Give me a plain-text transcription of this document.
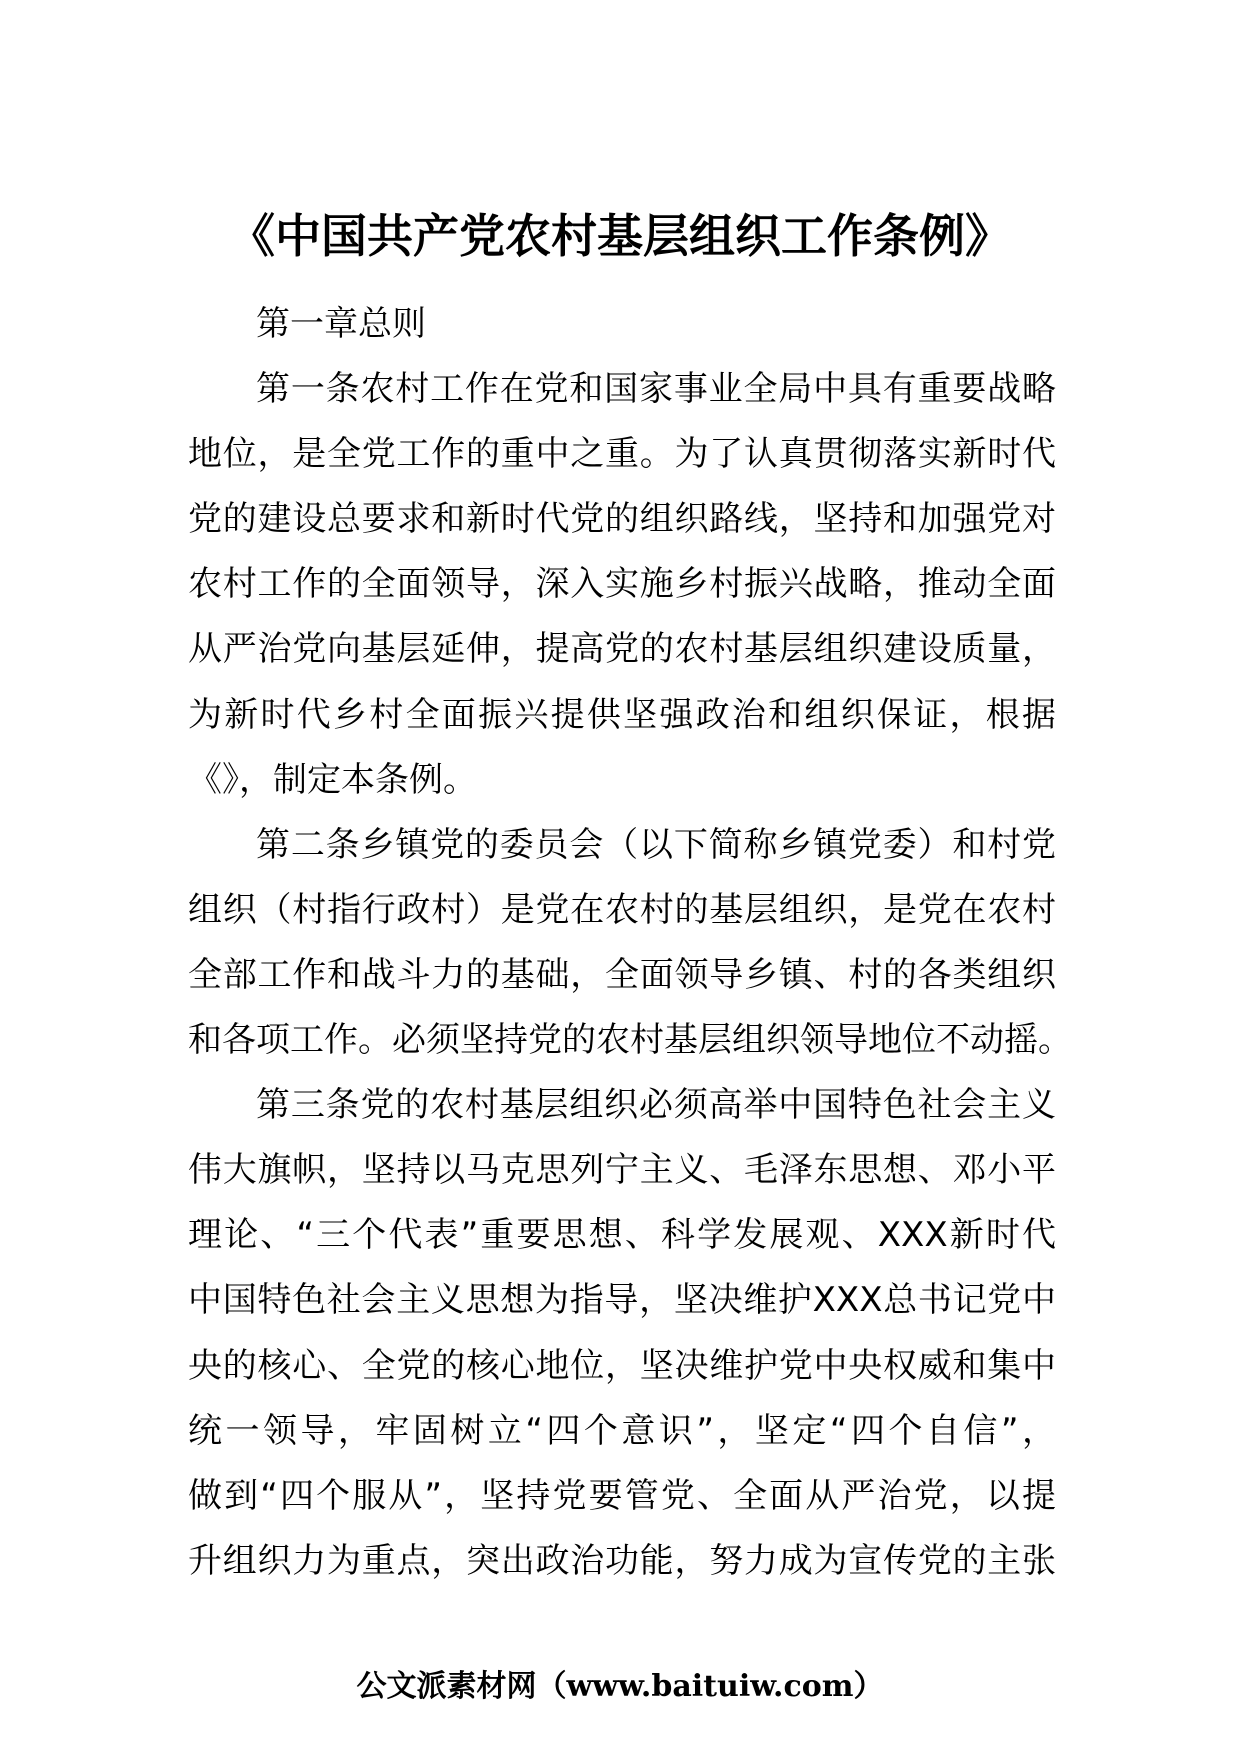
《中国共产党农村基层组织工作条例》

第一章总则

第一条农村工作在党和国家事业全局中具有重要战略
地位，是全党工作的重中之重。为了认真贯彻落实新时代
党的建设总要求和新时代党的组织路线，坚持和加强党对
农村工作的全面领导，深入实施乡村振兴战略，推动全面
从严治党向基层延伸，提高党的农村基层组织建设质量，
为新时代乡村全面振兴提供坚强政治和组织保证，根据
《》，制定本条例。

第二条乡镇党的委员会（以下简称乡镇党委）和村党
组织（村指行政村）是党在农村的基层组织，是党在农村
全部工作和战斗力的基础，全面领导乡镇、村的各类组织
和各项工作。必须坚持党的农村基层组织领导地位不动摇。

第三条党的农村基层组织必须高举中国特色社会主义
伟大旗帜，坚持以马克思列宁主义、毛泽东思想、邓小平
理论、“三个代表”重要思想、科学发展观、XXX新时代
中国特色社会主义思想为指导，坚决维护XXX总书记党中
央的核心、全党的核心地位，坚决维护党中央权威和集中
统一领导，牢固树立“四个意识”，坚定“四个自信”，
做到“四个服从”，坚持党要管党、全面从严治党，以提
升组织力为重点，突出政治功能，努力成为宣传党的主张

公文派素材网（www.baituiw.com）
